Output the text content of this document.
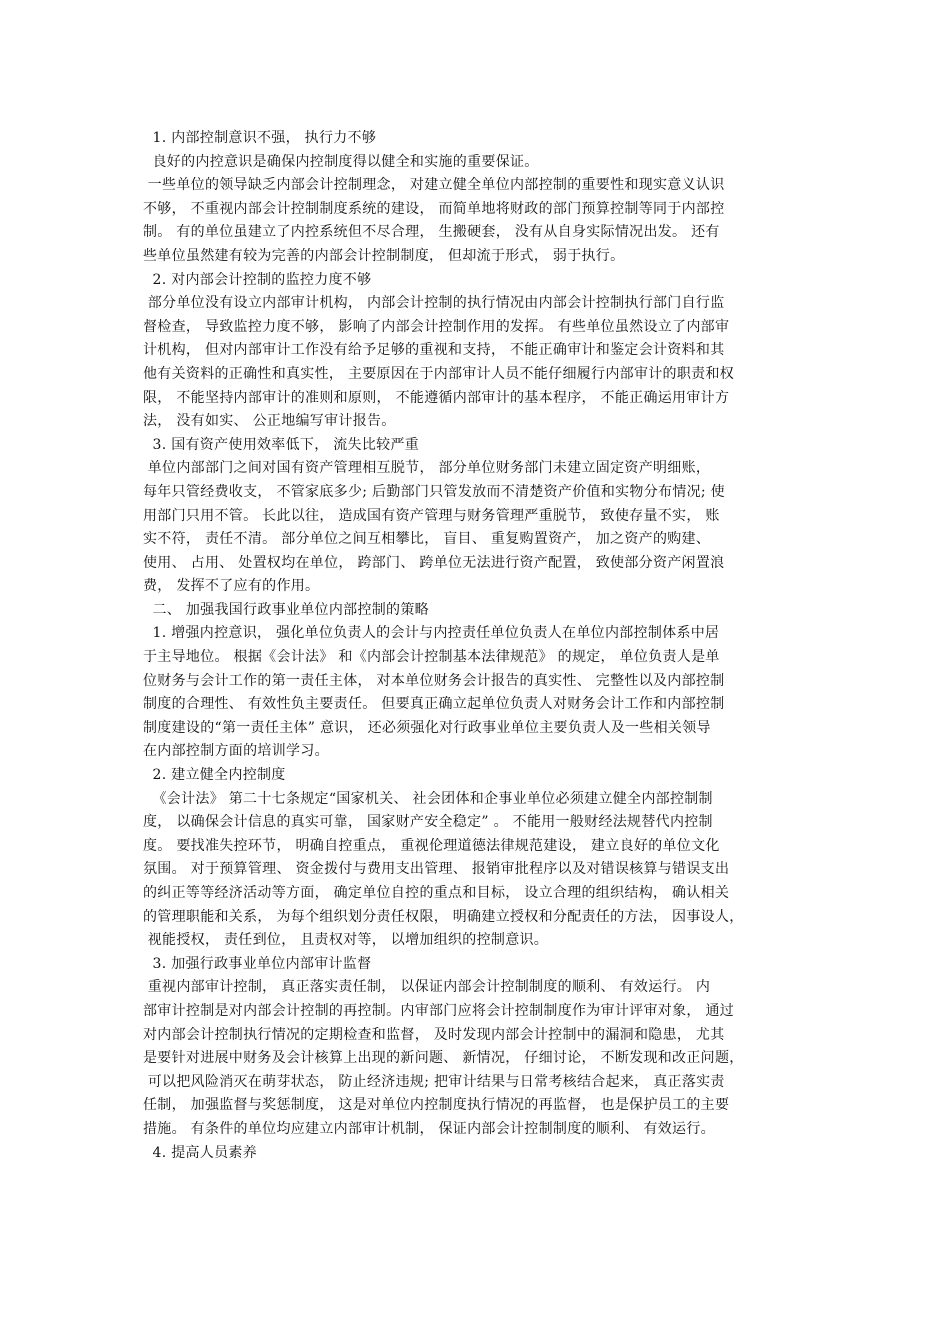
1. 内部控制意识不强， 执行力不够
良好的内控意识是确保内控制度得以健全和实施的重要保证。
一些单位的领导缺乏内部会计控制理念， 对建立健全单位内部控制的重要性和现实意义认识
不够， 不重视内部会计控制制度系统的建设， 而简单地将财政的部门预算控制等同于内部控
制。 有的单位虽建立了内控系统但不尽合理， 生搬硬套， 没有从自身实际情况出发。 还有
些单位虽然建有较为完善的内部会计控制制度， 但却流于形式， 弱于执行。
2. 对内部会计控制的监控力度不够
部分单位没有设立内部审计机构， 内部会计控制的执行情况由内部会计控制执行部门自行监
督检查， 导致监控力度不够， 影响了内部会计控制作用的发挥。 有些单位虽然设立了内部审
计机构， 但对内部审计工作没有给予足够的重视和支持， 不能正确审计和鉴定会计资料和其
他有关资料的正确性和真实性， 主要原因在于内部审计人员不能仔细履行内部审计的职责和权
限， 不能坚持内部审计的准则和原则， 不能遵循内部审计的基本程序， 不能正确运用审计方
法， 没有如实、 公正地编写审计报告。
3. 国有资产使用效率低下， 流失比较严重
单位内部部门之间对国有资产管理相互脱节， 部分单位财务部门未建立固定资产明细账，
每年只管经费收支， 不管家底多少; 后勤部门只管发放而不清楚资产价值和实物分布情况; 使
用部门只用不管。 长此以往， 造成国有资产管理与财务管理严重脱节， 致使存量不实， 账
实不符， 责任不清。 部分单位之间互相攀比， 盲目、 重复购置资产， 加之资产的购建、
使用、 占用、 处置权均在单位， 跨部门、 跨单位无法进行资产配置， 致使部分资产闲置浪
费， 发挥不了应有的作用。
二、 加强我国行政事业单位内部控制的策略
1. 增强内控意识， 强化单位负责人的会计与内控责任单位负责人在单位内部控制体系中居
于主导地位。 根据《会计法》 和《内部会计控制基本法律规范》 的规定， 单位负责人是单
位财务与会计工作的第一责任主体， 对本单位财务会计报告的真实性、 完整性以及内部控制
制度的合理性、 有效性负主要责任。 但要真正确立起单位负责人对财务会计工作和内部控制
制度建设的“第一责任主体” 意识， 还必须强化对行政事业单位主要负责人及一些相关领导
在内部控制方面的培训学习。
2. 建立健全内控制度
《会计法》 第二十七条规定“国家机关、 社会团体和企事业单位必须建立健全内部控制制
度， 以确保会计信息的真实可靠， 国家财产安全稳定” 。 不能用一般财经法规替代内控制
度。 要找准失控环节， 明确自控重点， 重视伦理道德法律规范建设， 建立良好的单位文化
氛围。 对于预算管理、 资金拨付与费用支出管理、 报销审批程序以及对错误核算与错误支出
的纠正等等经济活动等方面， 确定单位自控的重点和目标， 设立合理的组织结构， 确认相关
的管理职能和关系， 为每个组织划分责任权限， 明确建立授权和分配责任的方法， 因事设人，
视能授权， 责任到位， 且责权对等， 以增加组织的控制意识。
3. 加强行政事业单位内部审计监督
重视内部审计控制， 真正落实责任制， 以保证内部会计控制制度的顺利、 有效运行。 内
部审计控制是对内部会计控制的再控制。内审部门应将会计控制制度作为审计评审对象， 通过
对内部会计控制执行情况的定期检查和监督， 及时发现内部会计控制中的漏洞和隐患， 尤其
是要针对进展中财务及会计核算上出现的新问题、 新情况， 仔细讨论， 不断发现和改正问题，
可以把风险消灭在萌芽状态， 防止经济违规; 把审计结果与日常考核结合起来， 真正落实责
任制， 加强监督与奖惩制度， 这是对单位内控制度执行情况的再监督， 也是保护员工的主要
措施。 有条件的单位均应建立内部审计机制， 保证内部会计控制制度的顺利、 有效运行。
4. 提高人员素养
